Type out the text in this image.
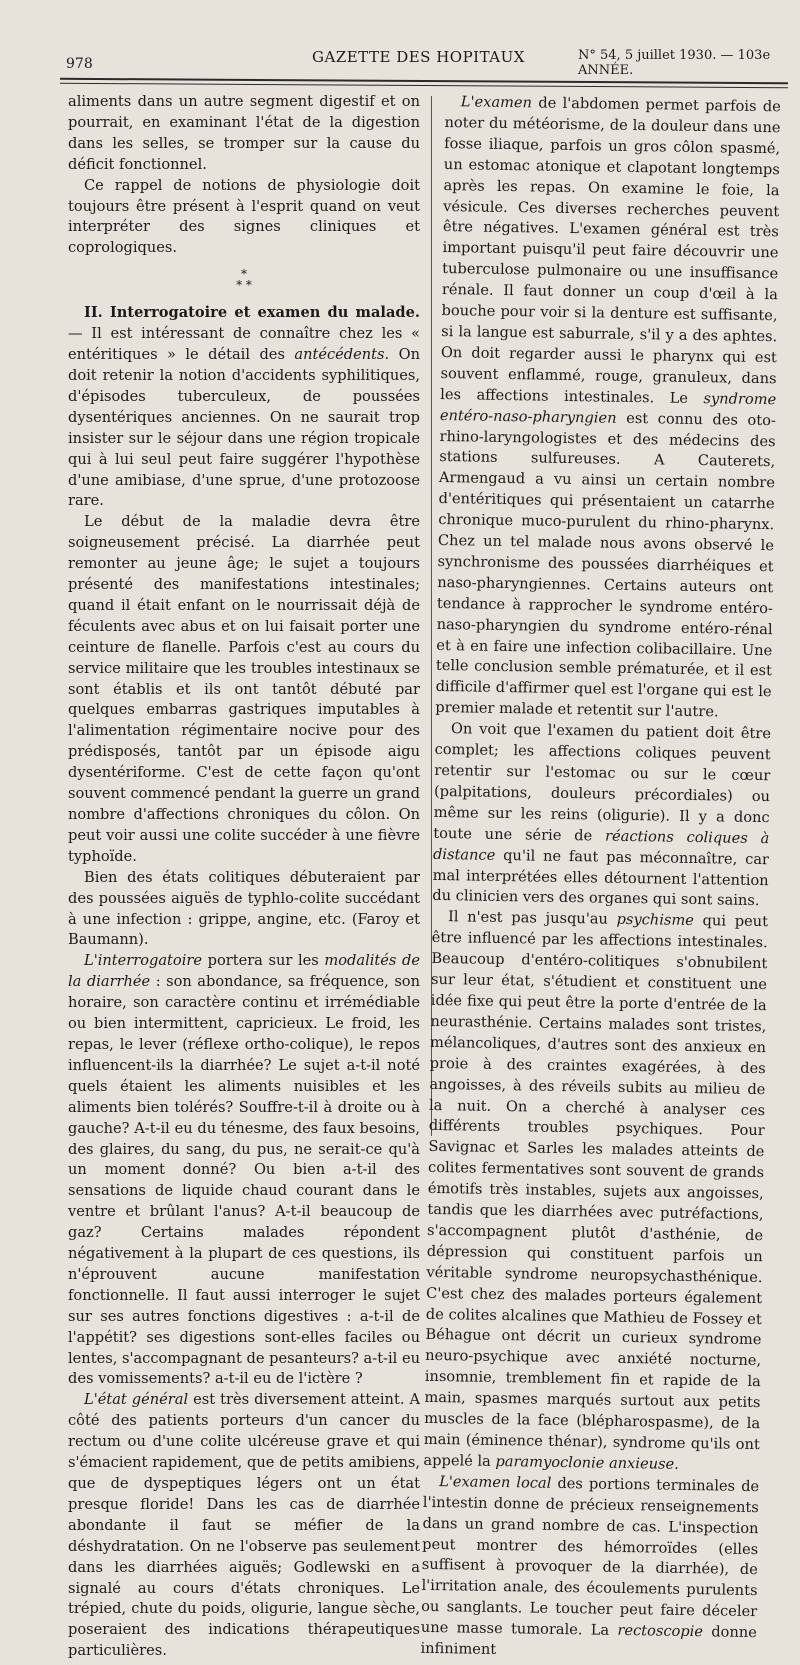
978	GAZETTE DES HOPITAUX	N° 54, 5 juillet 1930. — 103e ANNÉE.

aliments dans un autre segment digestif et on pourrait, en examinant l'état de la digestion dans les selles, se tromper sur la cause du déficit fonctionnel.

Ce rappel de notions de physiologie doit toujours être présent à l'esprit quand on veut interpréter des signes cliniques et coprologiques.

*
* *

II. Interrogatoire et examen du malade. — Il est intéressant de connaître chez les « entéritiques » le détail des antécédents. On doit retenir la notion d'accidents syphilitiques, d'épisodes tuberculeux, de poussées dysentériques anciennes. On ne saurait trop insister sur le séjour dans une région tropicale qui à lui seul peut faire suggérer l'hypothèse d'une amibiase, d'une sprue, d'une protozoose rare.

Le début de la maladie devra être soigneusement précisé. La diarrhée peut remonter au jeune âge; le sujet a toujours présenté des manifestations intestinales; quand il était enfant on le nourrissait déjà de féculents avec abus et on lui faisait porter une ceinture de flanelle. Parfois c'est au cours du service militaire que les troubles intestinaux se sont établis et ils ont tantôt débuté par quelques embarras gastriques imputables à l'alimentation régimentaire nocive pour des prédisposés, tantôt par un épisode aigu dysentériforme. C'est de cette façon qu'ont souvent commencé pendant la guerre un grand nombre d'affections chroniques du côlon. On peut voir aussi une colite succéder à une fièvre typhoïde.

Bien des états colitiques débuteraient par des poussées aiguës de typhlo-colite succédant à une infection : grippe, angine, etc. (Faroy et Baumann).

L'interrogatoire portera sur les modalités de la diarrhée : son abondance, sa fréquence, son horaire, son caractère continu et irrémédiable ou bien intermittent, capricieux. Le froid, les repas, le lever (réflexe ortho-colique), le repos influencent-ils la diarrhée? Le sujet a-t-il noté quels étaient les aliments nuisibles et les aliments bien tolérés? Souffre-t-il à droite ou à gauche? A-t-il eu du ténesme, des faux besoins, des glaires, du sang, du pus, ne serait-ce qu'à un moment donné? Ou bien a-t-il des sensations de liquide chaud courant dans le ventre et brûlant l'anus? A-t-il beaucoup de gaz? Certains malades répondent négativement à la plupart de ces questions, ils n'éprouvent aucune manifestation fonctionnelle. Il faut aussi interroger le sujet sur ses autres fonctions digestives : a-t-il de l'appétit? ses digestions sont-elles faciles ou lentes, s'accompagnant de pesanteurs? a-t-il eu des vomissements? a-t-il eu de l'ictère ?

L'état général est très diversement atteint. A côté des patients porteurs d'un cancer du rectum ou d'une colite ulcéreuse grave et qui s'émacient rapidement, que de petits amibiens, que de dyspeptiques légers ont un état presque floride! Dans les cas de diarrhée abondante il faut se méfier de la déshydratation. On ne l'observe pas seulement dans les diarrhées aiguës; Godlewski en a signalé au cours d'états chroniques. Le trépied, chute du poids, oligurie, langue sèche, poseraient des indications thérapeutiques particulières.

L'examen de l'abdomen permet parfois de noter du météorisme, de la douleur dans une fosse iliaque, parfois un gros côlon spasmé, un estomac atonique et clapotant longtemps après les repas. On examine le foie, la vésicule. Ces diverses recherches peuvent être négatives. L'examen général est très important puisqu'il peut faire découvrir une tuberculose pulmonaire ou une insuffisance rénale. Il faut donner un coup d'œil à la bouche pour voir si la denture est suffisante, si la langue est saburrale, s'il y a des aphtes. On doit regarder aussi le pharynx qui est souvent enflammé, rouge, granuleux, dans les affections intestinales. Le syndrome entéro-naso-pharyngien est connu des oto-rhino-laryngologistes et des médecins des stations sulfureuses. A Cauterets, Armengaud a vu ainsi un certain nombre d'entéritiques qui présentaient un catarrhe chronique muco-purulent du rhino-pharynx. Chez un tel malade nous avons observé le synchronisme des poussées diarrhéiques et naso-pharyngiennes. Certains auteurs ont tendance à rapprocher le syndrome entéro-naso-pharyngien du syndrome entéro-rénal et à en faire une infection colibacillaire. Une telle conclusion semble prématurée, et il est difficile d'affirmer quel est l'organe qui est le premier malade et retentit sur l'autre.

On voit que l'examen du patient doit être complet; les affections coliques peuvent retentir sur l'estomac ou sur le cœur (palpitations, douleurs précordiales) ou même sur les reins (oligurie). Il y a donc toute une série de réactions coliques à distance qu'il ne faut pas méconnaître, car mal interprétées elles détournent l'attention du clinicien vers des organes qui sont sains.

Il n'est pas jusqu'au psychisme qui peut être influencé par les affections intestinales. Beaucoup d'entéro-colitiques s'obnubilent sur leur état, s'étudient et constituent une idée fixe qui peut être la porte d'entrée de la neurasthénie. Certains malades sont tristes, mélancoliques, d'autres sont des anxieux en proie à des craintes exagérées, à des angoisses, à des réveils subits au milieu de la nuit. On a cherché à analyser ces différents troubles psychiques. Pour Savignac et Sarles les malades atteints de colites fermentatives sont souvent de grands émotifs très instables, sujets aux angoisses, tandis que les diarrhées avec putréfactions, s'accompagnent plutôt d'asthénie, de dépression qui constituent parfois un véritable syndrome neuropsychasthénique. C'est chez des malades porteurs également de colites alcalines que Mathieu de Fossey et Béhague ont décrit un curieux syndrome neuro-psychique avec anxiété nocturne, insomnie, tremblement fin et rapide de la main, spasmes marqués surtout aux petits muscles de la face (blépharospasme), de la main (éminence thénar), syndrome qu'ils ont appelé la paramyoclonie anxieuse.

L'examen local des portions terminales de l'intestin donne de précieux renseignements dans un grand nombre de cas. L'inspection peut montrer des hémorroïdes (elles suffisent à provoquer de la diarrhée), de l'irritation anale, des écoulements purulents ou sanglants. Le toucher peut faire déceler une masse tumorale. La rectoscopie donne infiniment
